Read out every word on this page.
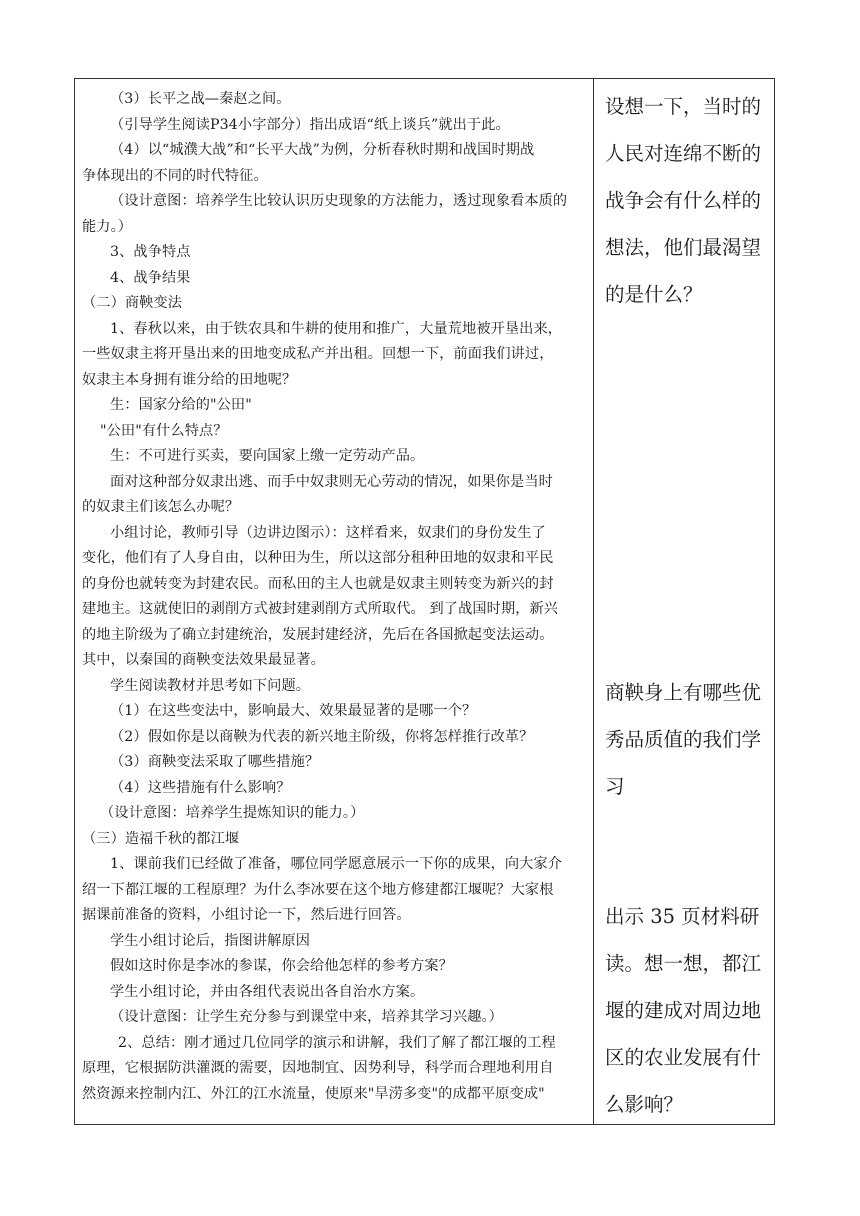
（3）长平之战—秦赵之间。
（引导学生阅读P34小字部分）指出成语“纸上谈兵”就出于此。
（4）以“城濮大战”和“长平大战”为例，分析春秋时期和战国时期战
争体现出的不同的时代特征。
（设计意图：培养学生比较认识历史现象的方法能力，透过现象看本质的
能力。）
3、战争特点
4、战争结果
（二）商鞅变法
1、春秋以来，由于铁农具和牛耕的使用和推广，大量荒地被开垦出来，
一些奴隶主将开垦出来的田地变成私产并出租。回想一下，前面我们讲过，
奴隶主本身拥有谁分给的田地呢？
生：国家分给的"公田"
"公田"有什么特点？
生：不可进行买卖，要向国家上缴一定劳动产品。
面对这种部分奴隶出逃、而手中奴隶则无心劳动的情况，如果你是当时
的奴隶主们该怎么办呢？
小组讨论，教师引导（边讲边图示）：这样看来，奴隶们的身份发生了
变化，他们有了人身自由，以种田为生，所以这部分租种田地的奴隶和平民
的身份也就转变为封建农民。而私田的主人也就是奴隶主则转变为新兴的封
建地主。这就使旧的剥削方式被封建剥削方式所取代。 到了战国时期，新兴
的地主阶级为了确立封建统治，发展封建经济，先后在各国掀起变法运动。
其中，以秦国的商鞅变法效果最显著。
学生阅读教材并思考如下问题。
（1）在这些变法中，影响最大、效果最显著的是哪一个？
（2）假如你是以商鞅为代表的新兴地主阶级，你将怎样推行改革？
（3）商鞅变法采取了哪些措施？
（4）这些措施有什么影响？
（设计意图：培养学生提炼知识的能力。）
（三）造福千秋的都江堰
1、课前我们已经做了准备，哪位同学愿意展示一下你的成果，向大家介
绍一下都江堰的工程原理？为什么李冰要在这个地方修建都江堰呢？大家根
据课前准备的资料，小组讨论一下，然后进行回答。
学生小组讨论后，指图讲解原因
假如这时你是李冰的参谋，你会给他怎样的参考方案？
学生小组讨论，并由各组代表说出各自治水方案。
（设计意图：让学生充分参与到课堂中来，培养其学习兴趣。）
2、总结：刚才通过几位同学的演示和讲解，我们了解了都江堰的工程
原理，它根据防洪灌溉的需要，因地制宜、因势利导，科学而合理地利用自
然资源来控制内江、外江的江水流量，使原来"旱涝多变"的成都平原变成"
设想一下，当时的
人民对连绵不断的
战争会有什么样的
想法，他们最渴望
的是什么？
商鞅身上有哪些优
秀品质值的我们学
习
出示 35 页材料研
读。想一想，都江
堰的建成对周边地
区的农业发展有什
么影响？
